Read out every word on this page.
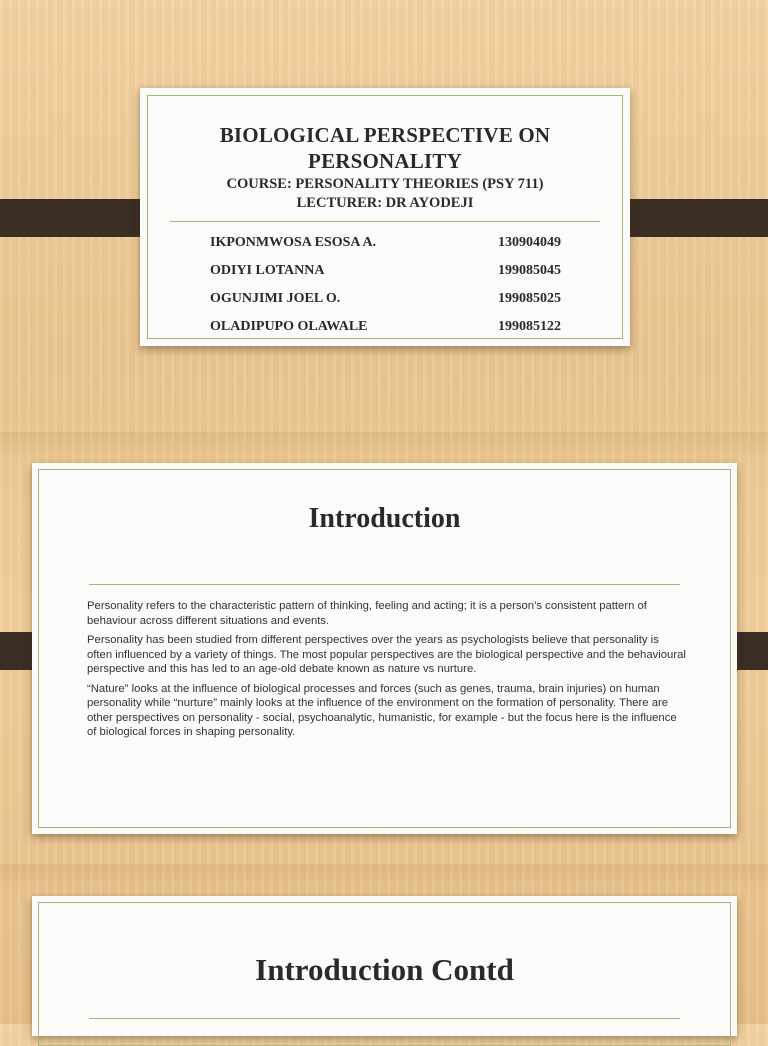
BIOLOGICAL PERSPECTIVE ON
PERSONALITY
COURSE: PERSONALITY THEORIES (PSY 711)
LECTURER: DR AYODEJI
IKPONMWOSA ESOSA A.	130904049
ODIYI LOTANNA	199085045
OGUNJIMI JOEL O.	199085025
OLADIPUPO OLAWALE	199085122
Introduction

Personality refers to the characteristic pattern of thinking, feeling and acting; it is a person’s consistent pattern of behaviour across different situations and events.

Personality has been studied from different perspectives over the years as psychologists believe that personality is often influenced by a variety of things. The most popular perspectives are the biological perspective and the behavioural perspective and this has led to an age-old debate known as nature vs nurture.

“Nature” looks at the influence of biological processes and forces (such as genes, trauma, brain injuries) on human personality while “nurture” mainly looks at the influence of the environment on the formation of personality. There are other perspectives on personality - social, psychoanalytic, humanistic, for example - but the focus here is the influence of biological forces in shaping personality.

Introduction Contd
